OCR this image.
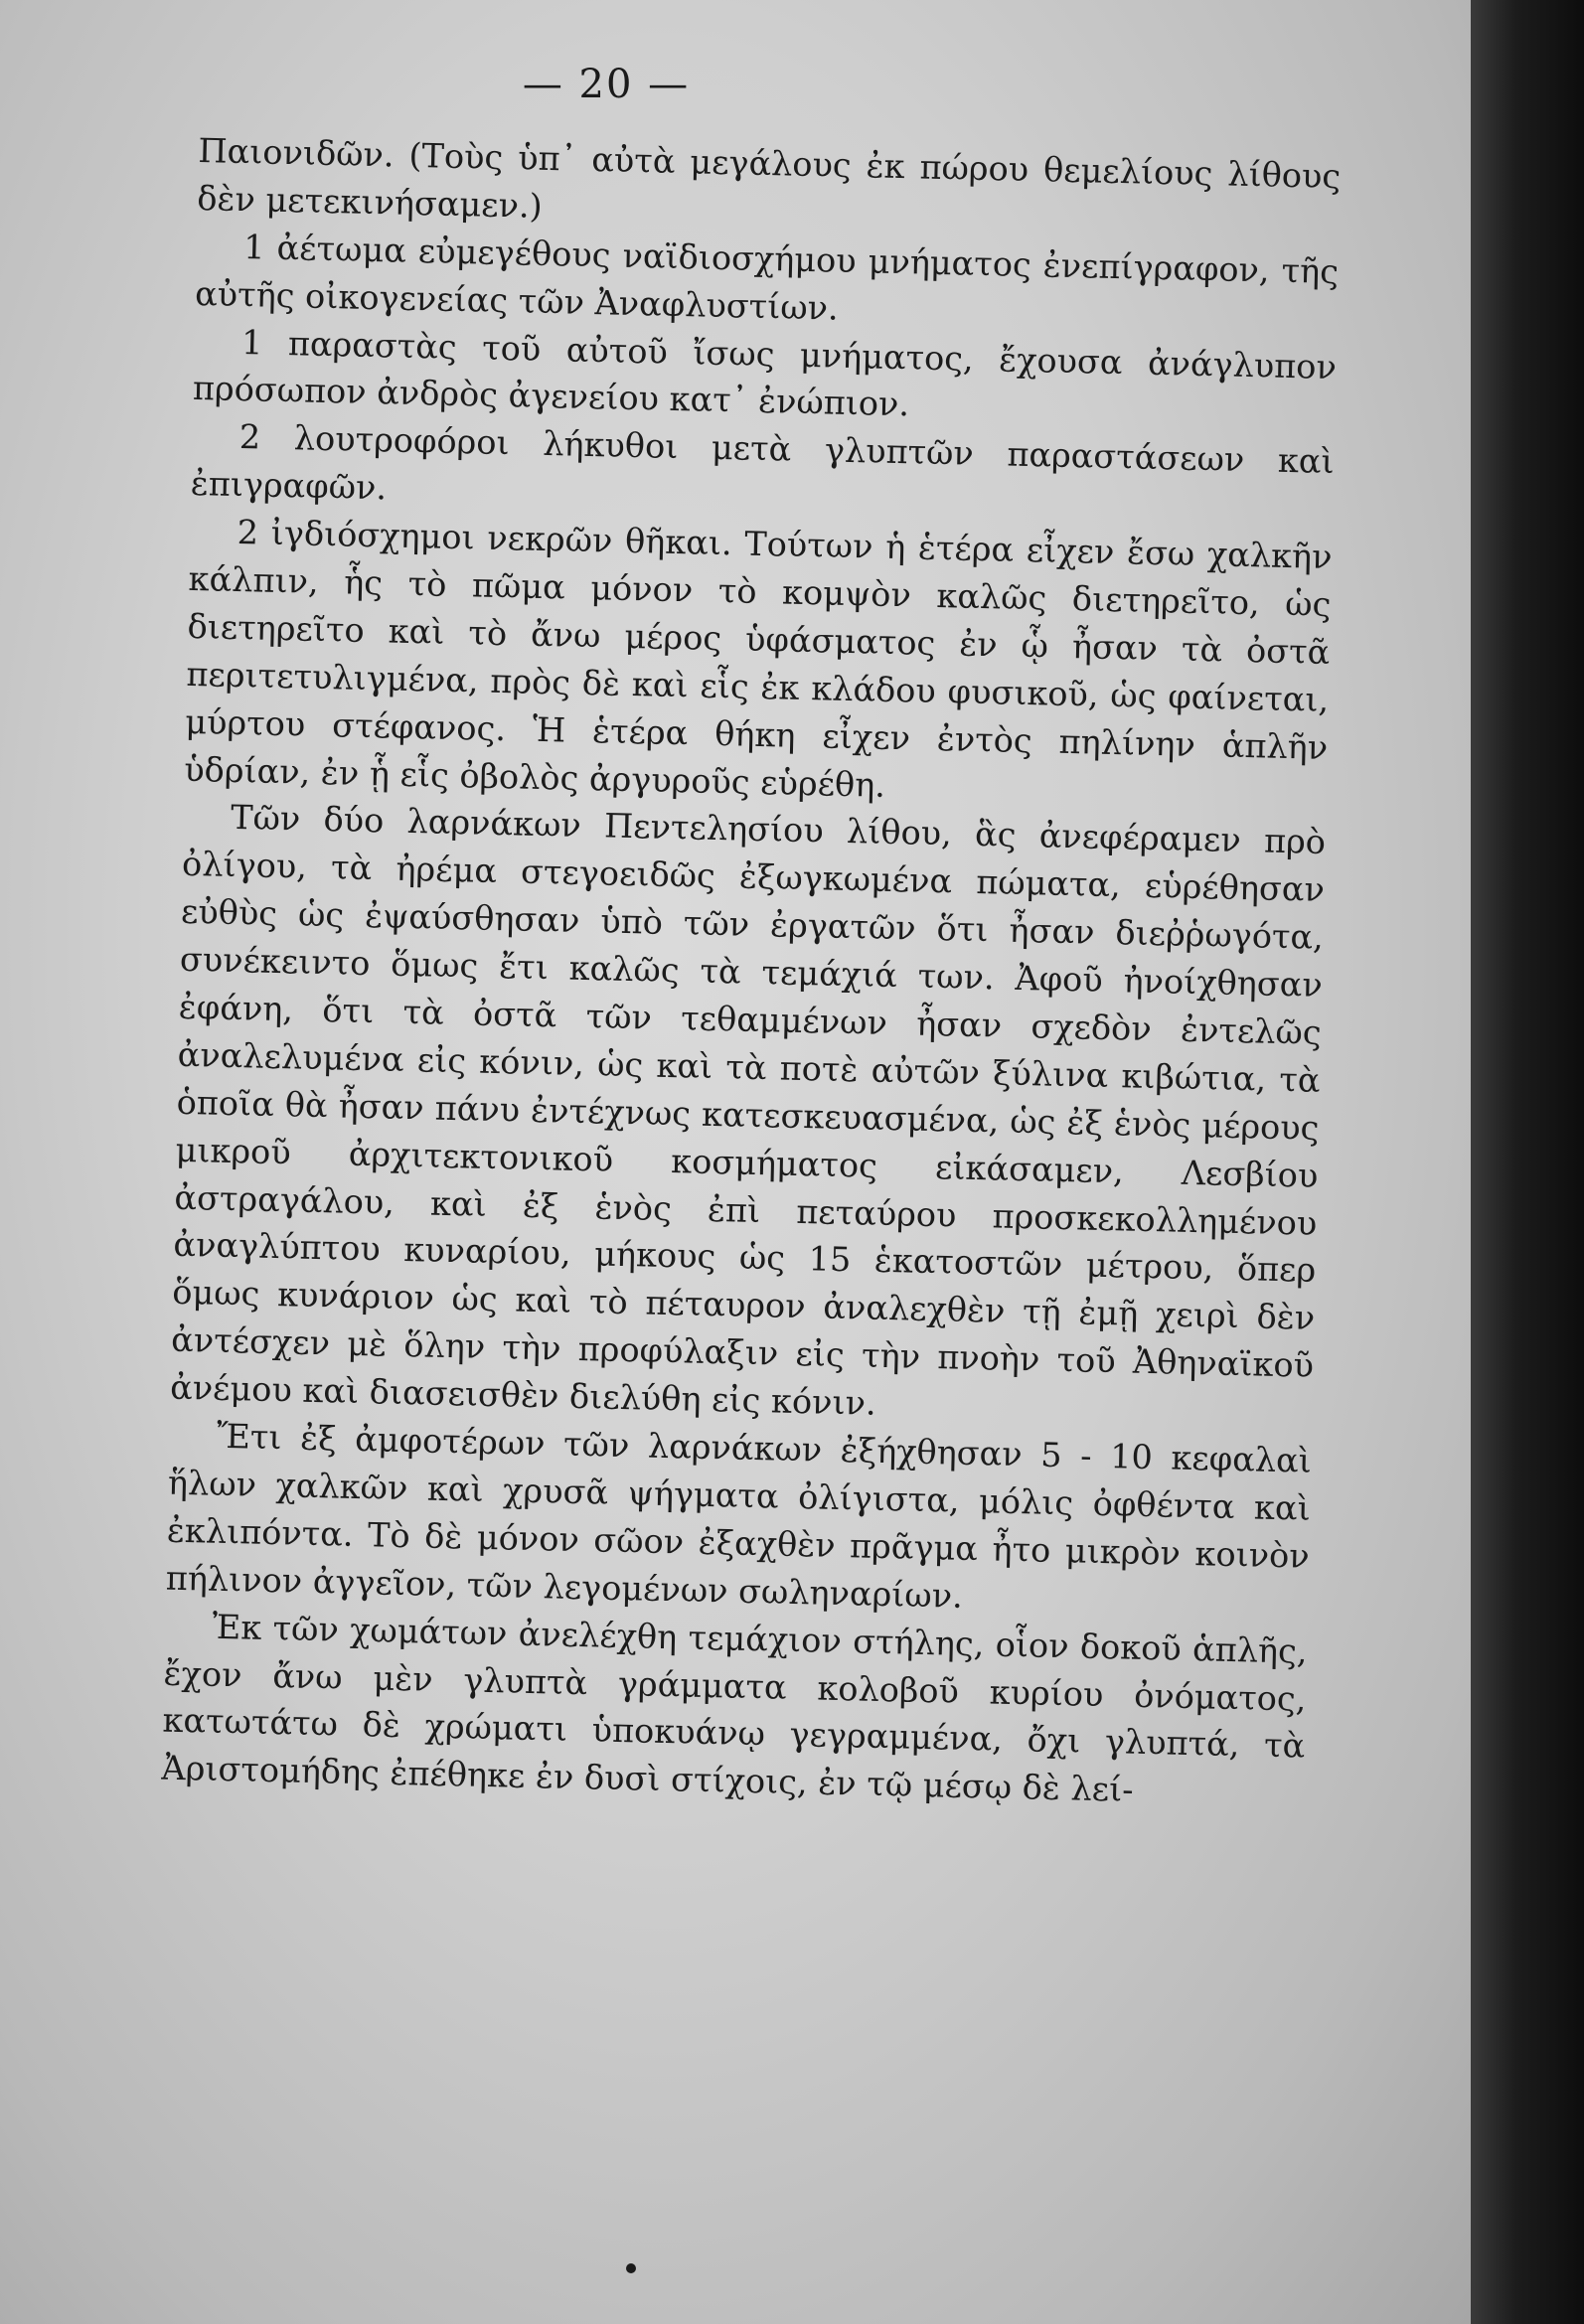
— 20 —

Παιονιδῶν. (Τοὺς ὑπ᾽ αὐτὰ μεγάλους ἐκ πώρου θεμελίους λίθους δὲν μετεκινήσαμεν.)

1 ἀέτωμα εὐμεγέθους ναϊδιοσχήμου μνήματος ἐνεπίγραφον, τῆς αὐτῆς οἰκογενείας τῶν Ἀναφλυστίων.

1 παραστὰς τοῦ αὐτοῦ ἴσως μνήματος, ἔχουσα ἀνάγλυπον πρόσωπον ἀνδρὸς ἀγενείου κατ᾽ ἐνώπιον.

2 λουτροφόροι λήκυθοι μετὰ γλυπτῶν παραστάσεων καὶ ἐπιγραφῶν.

2 ἰγδιόσχημοι νεκρῶν θῆκαι. Τούτων ἡ ἑτέρα εἶχεν ἔσω χαλκῆν κάλπιν, ἧς τὸ πῶμα μόνον τὸ κομψὸν καλῶς διετηρεῖτο, ὡς διετηρεῖτο καὶ τὸ ἄνω μέρος ὑφάσματος ἐν ᾧ ἦσαν τὰ ὀστᾶ περιτετυλιγμένα, πρὸς δὲ καὶ εἷς ἐκ κλάδου φυσικοῦ, ὡς φαίνεται, μύρτου στέφανος. Ἡ ἑτέρα θήκη εἶχεν ἐντὸς πηλίνην ἁπλῆν ὑδρίαν, ἐν ᾗ εἷς ὀβολὸς ἀργυροῦς εὑρέθη.

Τῶν δύο λαρνάκων Πεντελησίου λίθου, ἃς ἀνεφέραμεν πρὸ ὀλίγου, τὰ ἠρέμα στεγοειδῶς ἐξωγκωμένα πώματα, εὑρέθησαν εὐθὺς ὡς ἐψαύσθησαν ὑπὸ τῶν ἐργατῶν ὅτι ἦσαν διεῤῥωγότα, συνέκειντο ὅμως ἔτι καλῶς τὰ τεμάχιά των. Ἀφοῦ ἠνοίχθησαν ἐφάνη, ὅτι τὰ ὀστᾶ τῶν τεθαμμένων ἦσαν σχεδὸν ἐντελῶς ἀναλελυμένα εἰς κόνιν, ὡς καὶ τὰ ποτὲ αὐτῶν ξύλινα κιβώτια, τὰ ὁποῖα θὰ ἦσαν πάνυ ἐντέχνως κατεσκευασμένα, ὡς ἐξ ἑνὸς μέρους μικροῦ ἀρχιτεκτονικοῦ κοσμήματος εἰκάσαμεν, Λεσβίου ἀστραγάλου, καὶ ἐξ ἑνὸς ἐπὶ πεταύρου προσκεκολλημένου ἀναγλύπτου κυναρίου, μήκους ὡς 15 ἑκατοστῶν μέτρου, ὅπερ ὅμως κυνάριον ὡς καὶ τὸ πέταυρον ἀναλεχθὲν τῇ ἐμῇ χειρὶ δὲν ἀντέσχεν μὲ ὅλην τὴν προφύλαξιν εἰς τὴν πνοὴν τοῦ Ἀθηναϊκοῦ ἀνέμου καὶ διασεισθὲν διελύθη εἰς κόνιν.

Ἔτι ἐξ ἀμφοτέρων τῶν λαρνάκων ἐξήχθησαν 5 - 10 κεφαλαὶ ἥλων χαλκῶν καὶ χρυσᾶ ψήγματα ὀλίγιστα, μόλις ὀφθέντα καὶ ἐκλιπόντα. Τὸ δὲ μόνον σῶον ἐξαχθὲν πρᾶγμα ἦτο μικρὸν κοινὸν πήλινον ἀγγεῖον, τῶν λεγομένων σωληναρίων.

Ἐκ τῶν χωμάτων ἀνελέχθη τεμάχιον στήλης, οἷον δοκοῦ ἁπλῆς, ἔχον ἄνω μὲν γλυπτὰ γράμματα κολοβοῦ κυρίου ὀνόματος, κατωτάτω δὲ χρώματι ὑποκυάνῳ γεγραμμένα, ὄχι γλυπτά, τὰ Ἀριστομήδης ἐπέθηκε ἐν δυσὶ στίχοις, ἐν τῷ μέσῳ δὲ λεί-
